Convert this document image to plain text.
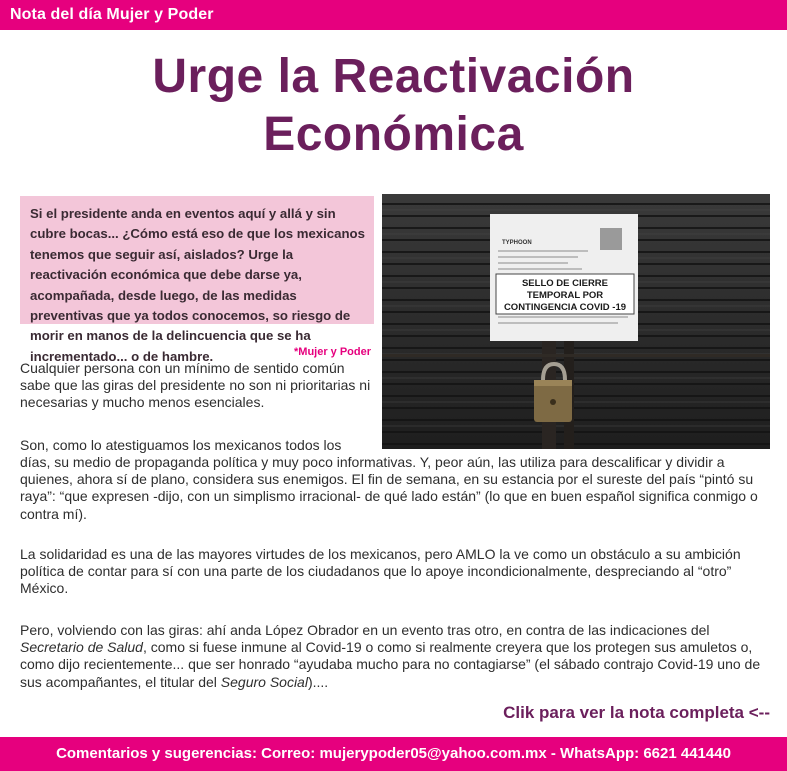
Nota del día Mujer y Poder
Urge la Reactivación
Económica

Si el presidente anda en eventos aquí y allá y sin cubre bocas... ¿Cómo está eso de que los mexicanos tenemos que seguir así, aislados? Urge la reactivación económica que debe darse ya, acompañada, desde luego, de las medidas preventivas que ya todos conocemos, so riesgo de morir en manos de la delincuencia que se ha incrementado... o de hambre.

TYPHOON
SELLO DE CIERRE
TEMPORAL POR
CONTINGENCIA COVID -19
*Mujer y Poder

Cualquier persona con un mínimo de sentido común sabe que las giras del presidente no son ni prioritarias ni necesarias y mucho menos esenciales.

Son, como lo atestiguamos los mexicanos todos los

días, su medio de propaganda política y muy poco informativas. Y, peor aún, las utiliza para descalificar y dividir a quienes, ahora sí de plano, considera sus enemigos. El fin de semana, en su estancia por el sureste del país “pintó su raya”: “que expresen -dijo, con un simplismo irracional- de qué lado están” (lo que en buen español significa conmigo o contra mí).

La solidaridad es una de las mayores virtudes de los mexicanos, pero AMLO la ve como un obstáculo a su ambición política de contar para sí con una parte de los ciudadanos que lo apoye incondicionalmente, despreciando al “otro” México.

Pero, volviendo con las giras: ahí anda López Obrador en un evento tras otro, en contra de las indicaciones del Secretario de Salud, como si fuese inmune al Covid-19 o como si realmente creyera que los protegen sus amuletos o, como dijo recientemente... que ser honrado “ayudaba mucho para no contagiarse” (el sábado contrajo Covid-19 uno de sus acompañantes, el titular del Seguro Social)....

Clik para ver la nota completa <--
Comentarios y sugerencias: Correo: mujerypoder05@yahoo.com.mx - WhatsApp: 6621 441440
